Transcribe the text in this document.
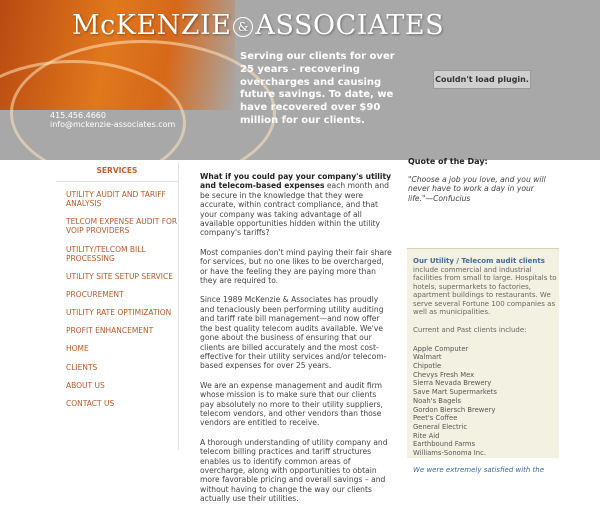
McKENZIE & ASSOCIATES
415.456.4660
info@mckenzie-associates.com
Serving our clients for over 25 years - recovering overcharges and causing future savings. To date, we have recovered over $90 million for our clients.
Couldn't load plugin.
SERVICES
UTILITY AUDIT AND TARIFF ANALYSIS
TELCOM EXPENSE AUDIT FOR VOIP PROVIDERS
UTILITY/TELCOM BILL PROCESSING
UTILITY SITE SETUP SERVICE
PROCUREMENT
UTILITY RATE OPTIMIZATION
PROFIT ENHANCEMENT
HOME
CLIENTS
ABOUT US
CONTACT US

What if you could pay your company's utility and telecom-based expenses each month and be secure in the knowledge that they were accurate, within contract compliance, and that your company was taking advantage of all available opportunities hidden within the utility company's tariffs?

Most companies don't mind paying their fair share for services, but no one likes to be overcharged, or have the feeling they are paying more than they are required to.

Since 1989 McKenzie & Associates has proudly and tenaciously been performing utility auditing and tariff rate bill management—and now offer the best quality telecom audits available. We've gone about the business of ensuring that our clients are billed accurately and the most cost-effective for their utility services and/or telecom-based expenses for over 25 years.

We are an expense management and audit firm whose mission is to make sure that our clients pay absolutely no more to their utility suppliers, telecom vendors, and other vendors than those vendors are entitled to receive.

A thorough understanding of utility company and telecom billing practices and tariff structures enables us to identify common areas of overcharge, along with opportunities to obtain more favorable pricing and overall savings – and without having to change the way our clients actually use their utilities.

Quote of the Day:
"Choose a job you love, and you will never have to work a day in your life."—Confucius

Our Utility / Telecom audit clients include commercial and industrial facilities from small to large. Hospitals to hotels, supermarkets to factories, apartment buildings to restaurants. We serve several Fortune 100 companies as well as municipalities.

Current and Past clients include:

Apple Computer
Walmart
Chipotle
Chevys Fresh Mex
Sierra Nevada Brewery
Save Mart Supermarkets
Noah's Bagels
Gordon Biersch Brewery
Peet's Coffee
General Electric
Rite Aid
Earthbound Farms
Williams-Sonoma Inc.
We were extremely satisfied with the
